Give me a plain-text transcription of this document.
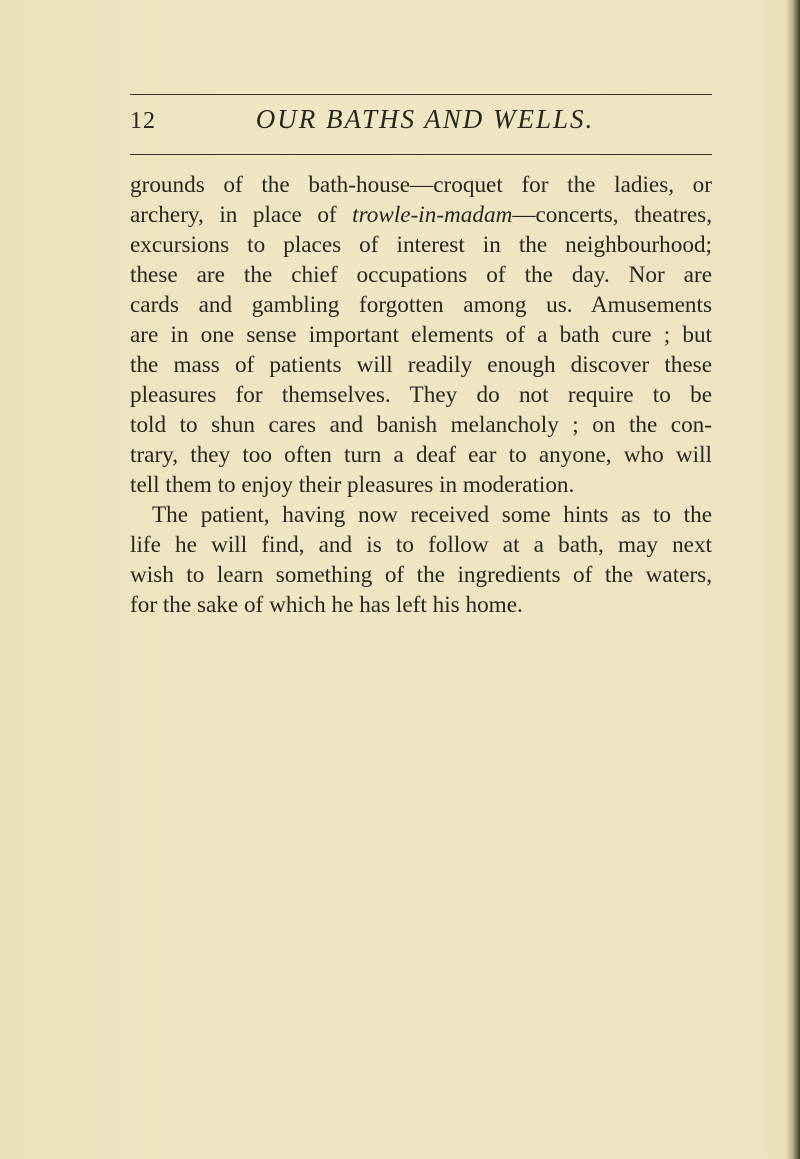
12	OUR BATHS AND WELLS.
grounds of the bath-house—croquet for the ladies, or
archery, in place of trowle-in-madam—concerts, theatres,
excursions to places of interest in the neighbourhood;
these are the chief occupations of the day. Nor are
cards and gambling forgotten among us. Amusements
are in one sense important elements of a bath cure ; but
the mass of patients will readily enough discover these
pleasures for themselves. They do not require to be
told to shun cares and banish melancholy ; on the con-
trary, they too often turn a deaf ear to anyone, who will
tell them to enjoy their pleasures in moderation.
The patient, having now received some hints as to the
life he will find, and is to follow at a bath, may next
wish to learn something of the ingredients of the waters,
for the sake of which he has left his home.
